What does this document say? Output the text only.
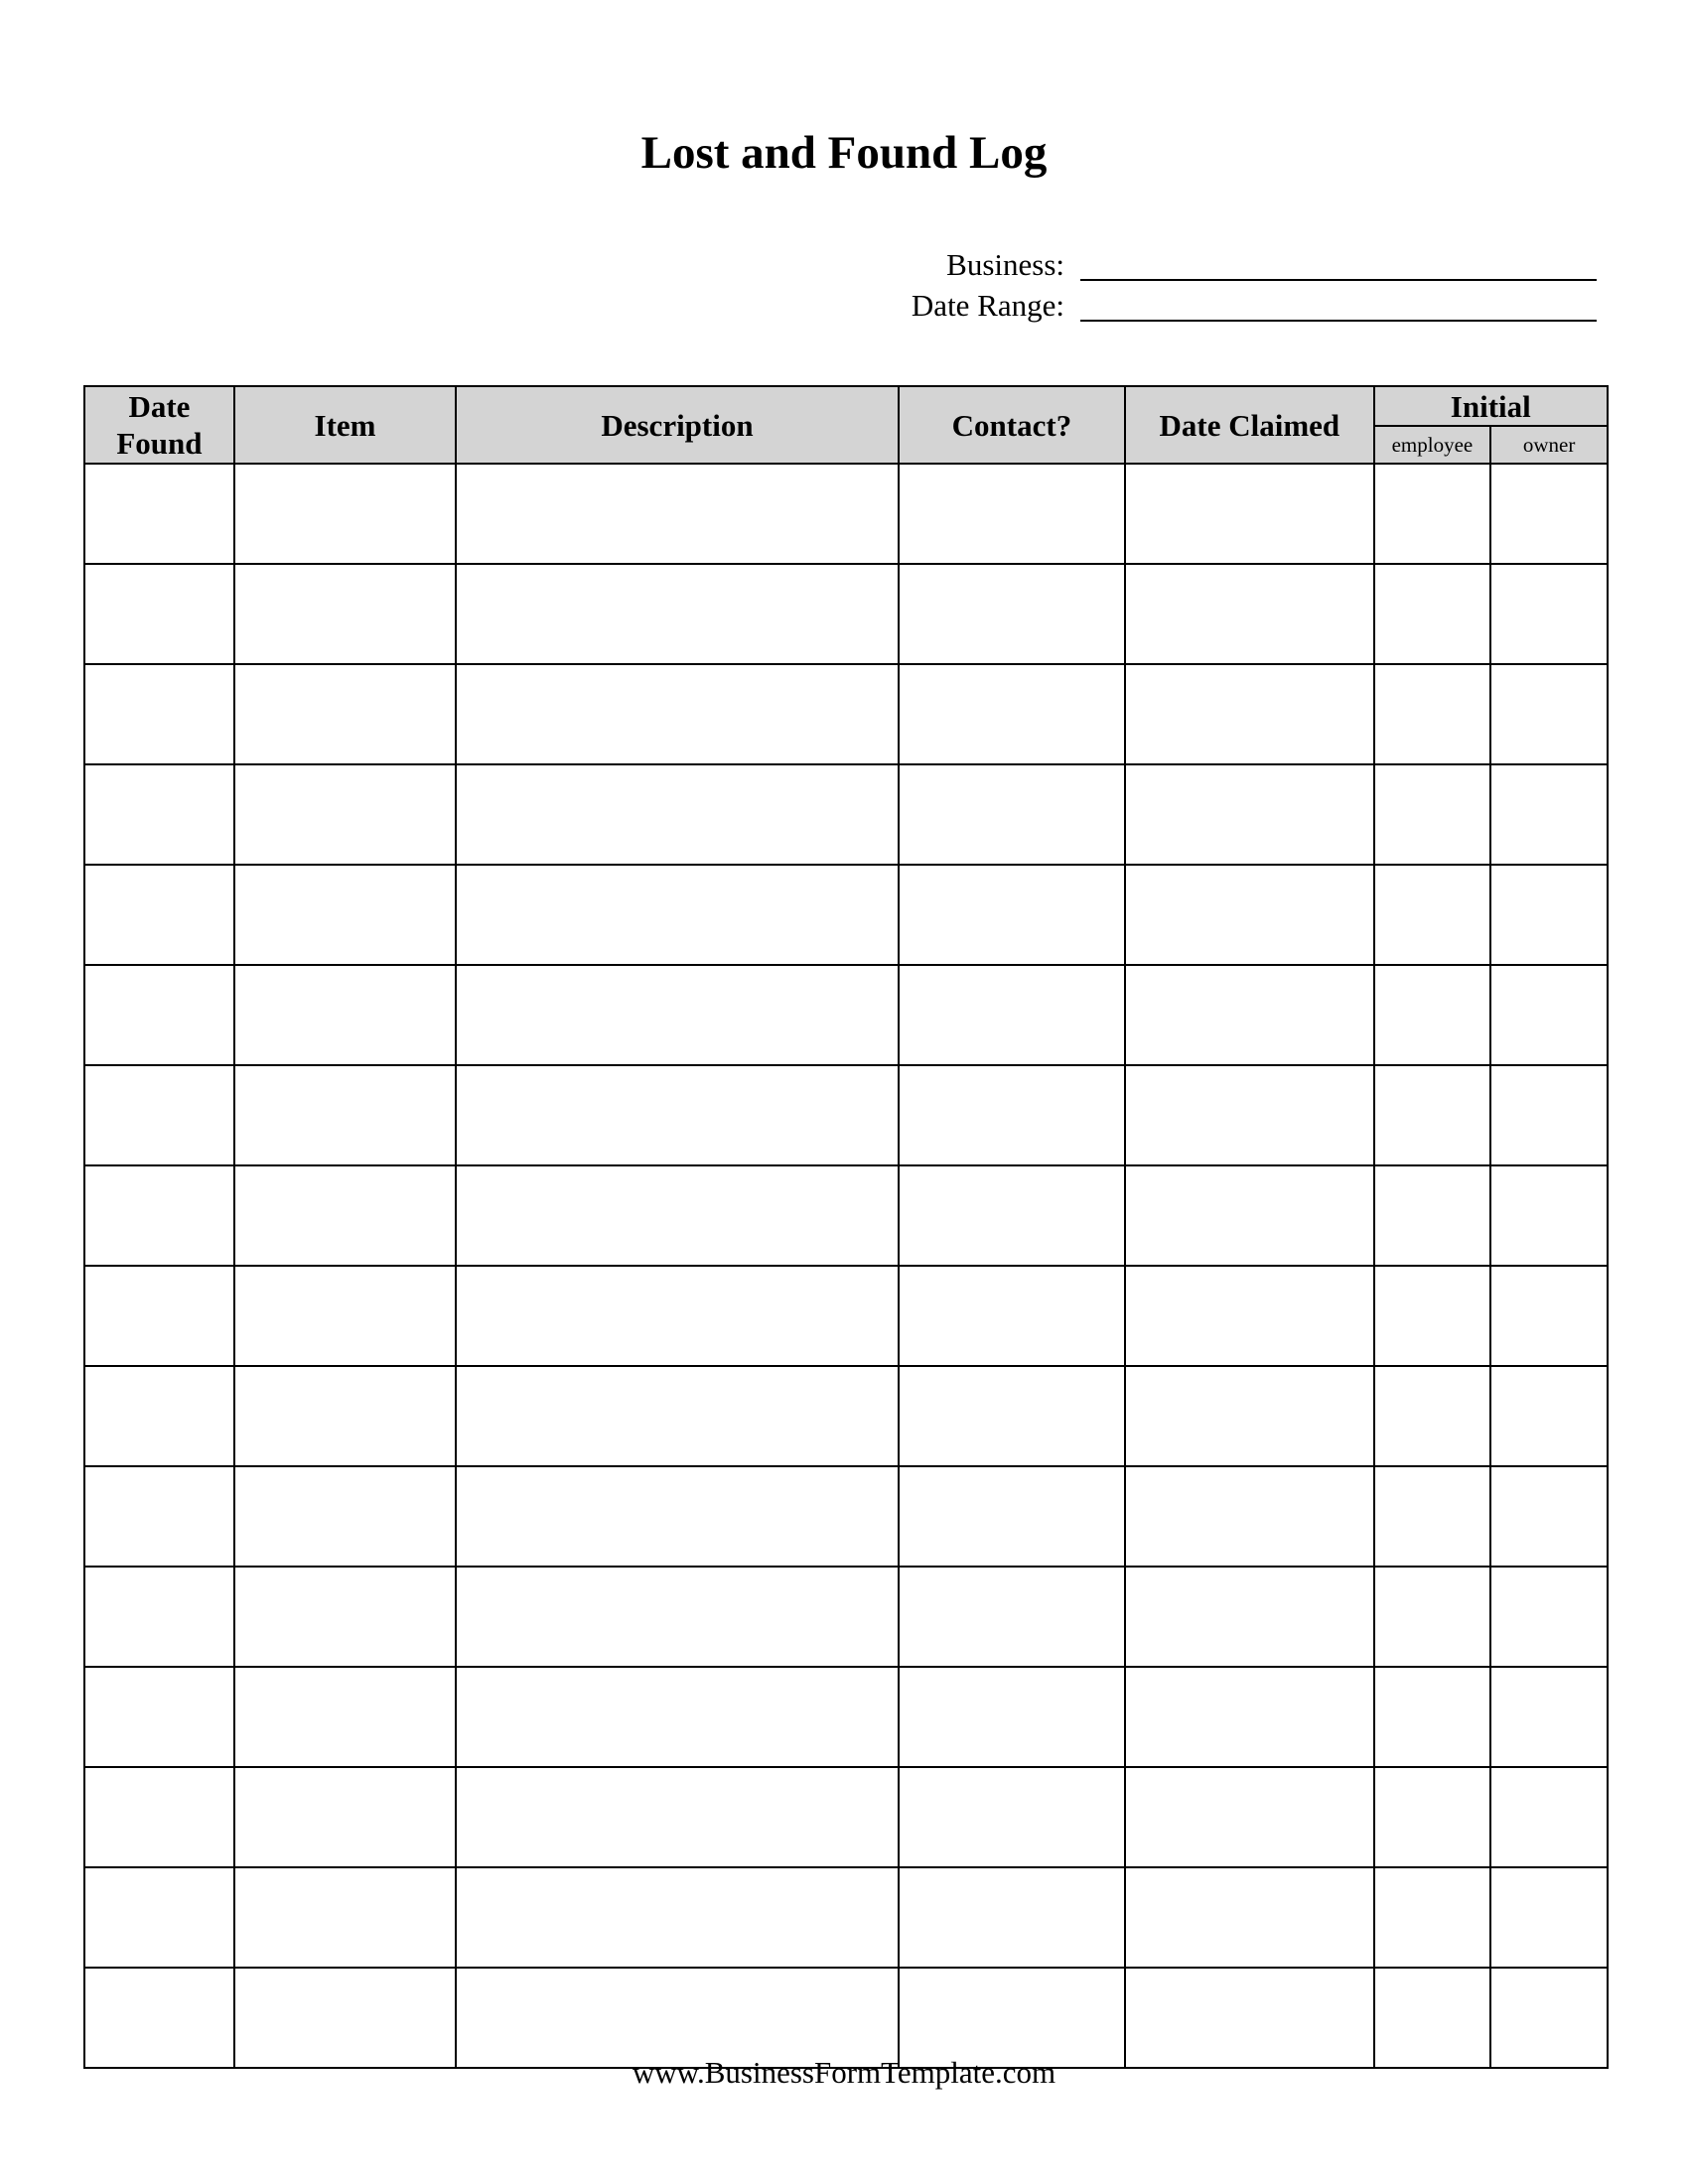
Lost and Found Log
Business:
Date Range:
Date Found	Item	Description	Contact?	Date Claimed	Initial	
					employee	owner

www.BusinessFormTemplate.com
